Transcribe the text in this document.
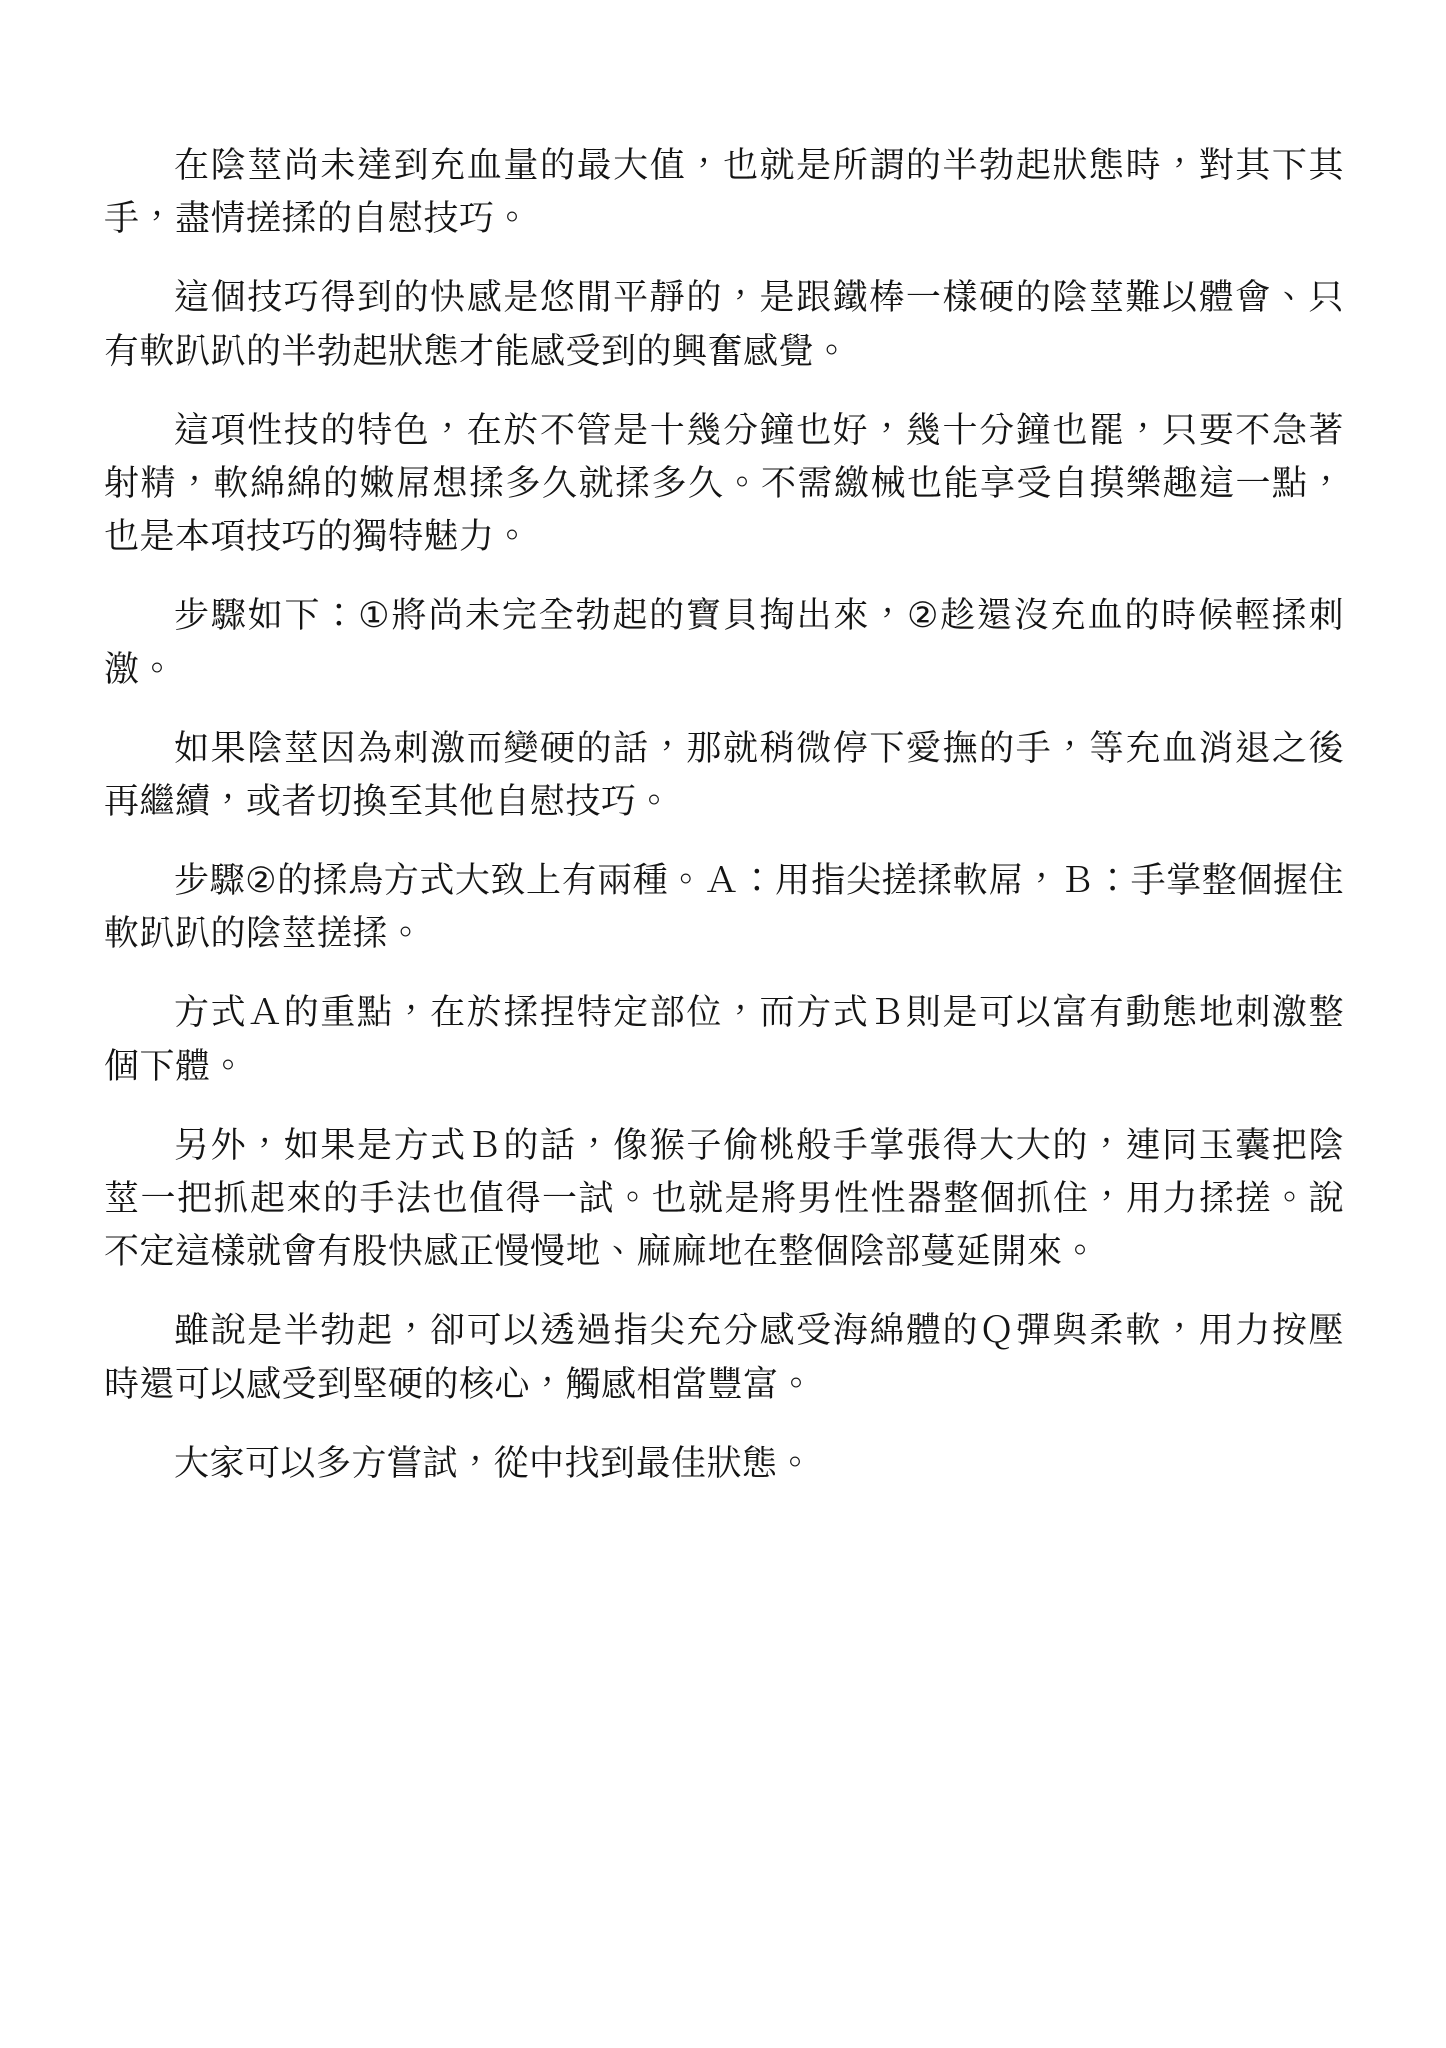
在陰莖尚未達到充血量的最大值，也就是所謂的半勃起狀態時，對其下其手，盡情搓揉的自慰技巧。

這個技巧得到的快感是悠閒平靜的，是跟鐵棒一樣硬的陰莖難以體會、只有軟趴趴的半勃起狀態才能感受到的興奮感覺。

這項性技的特色，在於不管是十幾分鐘也好，幾十分鐘也罷，只要不急著射精，軟綿綿的嫩屌想揉多久就揉多久。不需繳械也能享受自摸樂趣這一點，也是本項技巧的獨特魅力。

步驟如下：①將尚未完全勃起的寶貝掏出來，②趁還沒充血的時候輕揉刺激。

如果陰莖因為刺激而變硬的話，那就稍微停下愛撫的手，等充血消退之後再繼續，或者切換至其他自慰技巧。

步驟②的揉鳥方式大致上有兩種。Ａ：用指尖搓揉軟屌，Ｂ：手掌整個握住軟趴趴的陰莖搓揉。

方式Ａ的重點，在於揉捏特定部位，而方式Ｂ則是可以富有動態地刺激整個下體。

另外，如果是方式Ｂ的話，像猴子偷桃般手掌張得大大的，連同玉囊把陰莖一把抓起來的手法也值得一試。也就是將男性性器整個抓住，用力揉搓。說不定這樣就會有股快感正慢慢地、麻麻地在整個陰部蔓延開來。

雖說是半勃起，卻可以透過指尖充分感受海綿體的Ｑ彈與柔軟，用力按壓時還可以感受到堅硬的核心，觸感相當豐富。

大家可以多方嘗試，從中找到最佳狀態。
